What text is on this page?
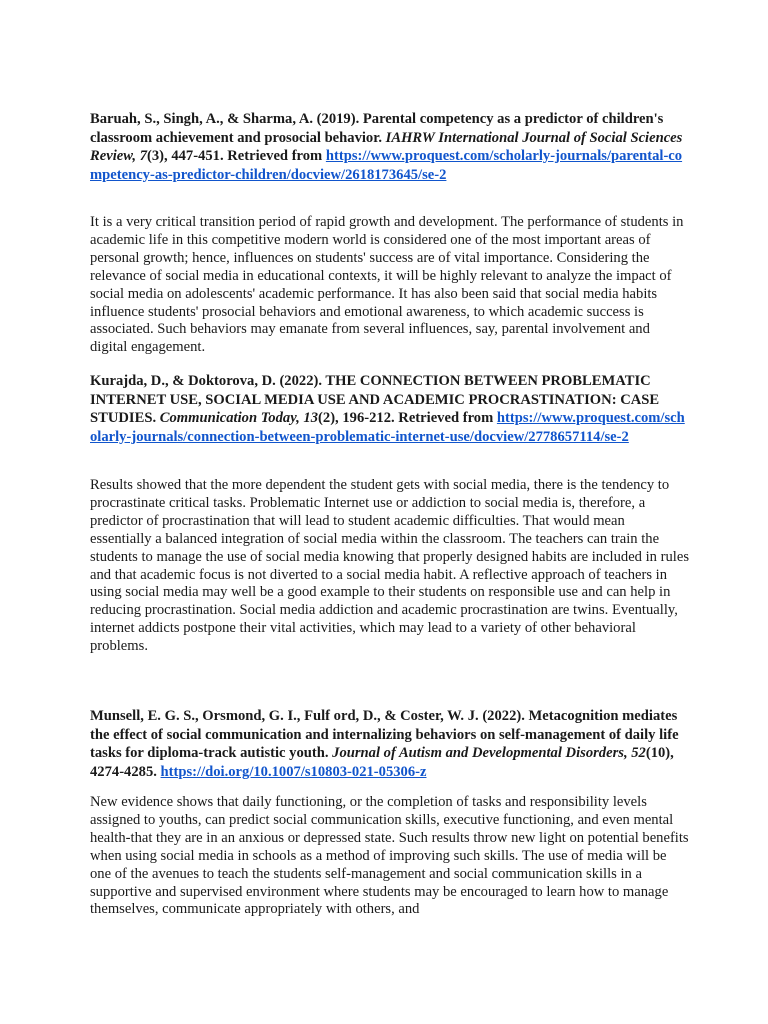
Baruah, S., Singh, A., & Sharma, A. (2019). Parental competency as a predictor of children's classroom achievement and prosocial behavior. IAHRW International Journal of Social Sciences Review, 7(3), 447-451. Retrieved from https://www.proquest.com/scholarly-journals/parental-competency-as-predictor-children/docview/2618173645/se-2

It is a very critical transition period of rapid growth and development. The performance of students in academic life in this competitive modern world is considered one of the most important areas of personal growth; hence, influences on students' success are of vital importance. Considering the relevance of social media in educational contexts, it will be highly relevant to analyze the impact of social media on adolescents' academic performance. It has also been said that social media habits influence students' prosocial behaviors and emotional awareness, to which academic success is associated. Such behaviors may emanate from several influences, say, parental involvement and digital engagement.

Kurajda, D., & Doktorova, D. (2022). THE CONNECTION BETWEEN PROBLEMATIC INTERNET USE, SOCIAL MEDIA USE AND ACADEMIC PROCRASTINATION: CASE STUDIES. Communication Today, 13(2), 196-212. Retrieved from https://www.proquest.com/scholarly-journals/connection-between-problematic-internet-use/docview/2778657114/se-2

Results showed that the more dependent the student gets with social media, there is the tendency to procrastinate critical tasks. Problematic Internet use or addiction to social media is, therefore, a predictor of procrastination that will lead to student academic difficulties. That would mean essentially a balanced integration of social media within the classroom. The teachers can train the students to manage the use of social media knowing that properly designed habits are included in rules and that academic focus is not diverted to a social media habit. A reflective approach of teachers in using social media may well be a good example to their students on responsible use and can help in reducing procrastination. Social media addiction and academic procrastination are twins. Eventually, internet addicts postpone their vital activities, which may lead to a variety of other behavioral problems.

Munsell, E. G. S., Orsmond, G. I., Fulf ord, D., & Coster, W. J. (2022). Metacognition mediates the effect of social communication and internalizing behaviors on self-management of daily life tasks for diploma-track autistic youth. Journal of Autism and Developmental Disorders, 52(10), 4274-4285. https://doi.org/10.1007/s10803-021-05306-z

New evidence shows that daily functioning, or the completion of tasks and responsibility levels assigned to youths, can predict social communication skills, executive functioning, and even mental health-that they are in an anxious or depressed state. Such results throw new light on potential benefits when using social media in schools as a method of improving such skills. The use of media will be one of the avenues to teach the students self-management and social communication skills in a supportive and supervised environment where students may be encouraged to learn how to manage themselves, communicate appropriately with others, and
